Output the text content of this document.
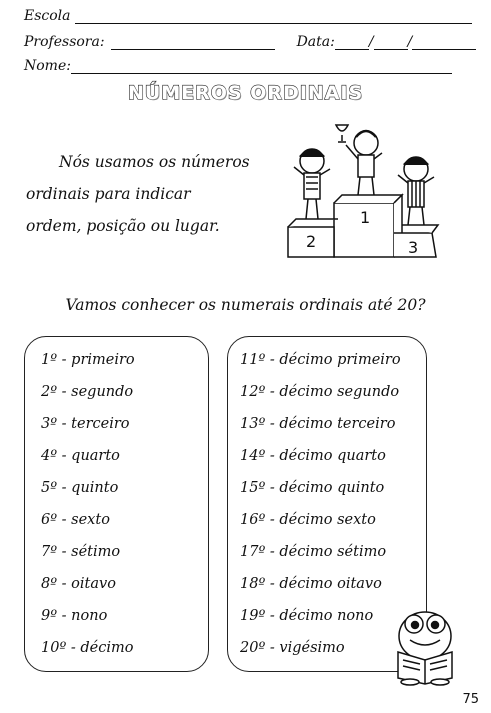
Escola
Professora:	Data: / /
Nome:
NÚMEROS ORDINAIS
Nós usamos os números
ordinais para indicar
ordem, posição ou lugar.	1
2	3
Vamos conhecer os numerais ordinais até 20?
1º - primeiro
2º - segundo
3º - terceiro
4º - quarto
5º - quinto
6º - sexto
7º - sétimo
8º - oitavo
9º - nono
10º - décimo
11º - décimo primeiro
12º - décimo segundo
13º - décimo terceiro
14º - décimo quarto
15º - décimo quinto
16º - décimo sexto
17º - décimo sétimo
18º - décimo oitavo
19º - décimo nono
20º - vigésimo
75
